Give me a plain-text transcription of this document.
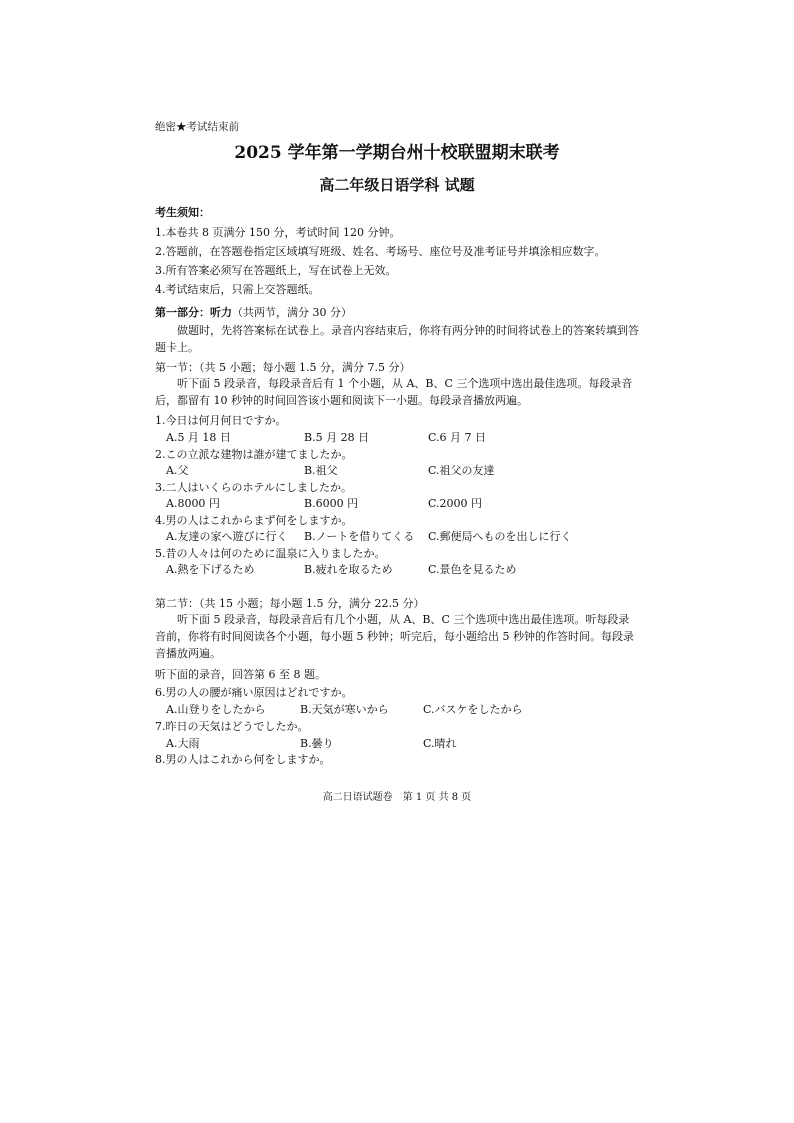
绝密★考试结束前
2025 学年第一学期台州十校联盟期末联考
高二年级日语学科 试题
考生须知：
1.本卷共 8 页满分 150 分，考试时间 120 分钟。
2.答题前，在答题卷指定区域填写班级、姓名、考场号、座位号及准考证号并填涂相应数字。
3.所有答案必须写在答题纸上，写在试卷上无效。
4.考试结束后，只需上交答题纸。
第一部分：听力（共两节，满分 30 分）
做题时，先将答案标在试卷上。录音内容结束后，你将有两分钟的时间将试卷上的答案转填到答题卡上。
第一节：（共 5 小题；每小题 1.5 分，满分 7.5 分）
听下面 5 段录音，每段录音后有 1 个小题，从 A、B、C 三个选项中选出最佳选项。每段录音后，都留有 10 秒钟的时间回答该小题和阅读下一小题。每段录音播放两遍。
1.今日は何月何日ですか。
A.5 月 18 日	B.5 月 28 日	C.6 月 7 日
2.この立派な建物は誰が建てましたか。
A.父	B.祖父	C.祖父の友達
3.二人はいくらのホテルにしましたか。
A.8000 円	B.6000 円	C.2000 円
4.男の人はこれからまず何をしますか。
A.友達の家へ遊びに行く B.ノートを借りてくる C.郵便局へものを出しに行く
5.昔の人々は何のために温泉に入りましたか。
A.熱を下げるため	B.疲れを取るため	C.景色を見るため
第二节：（共 15 小题；每小题 1.5 分，满分 22.5 分）
听下面 5 段录音，每段录音后有几个小题，从 A、B、C 三个选项中选出最佳选项。听每段录音前，你将有时间阅读各个小题，每小题 5 秒钟；听完后，每小题给出 5 秒钟的作答时间。每段录音播放两遍。
听下面的录音，回答第 6 至 8 题。
6.男の人の腰が痛い原因はどれですか。
A.山登りをしたから	B.天気が寒いから	C.バスケをしたから
7.昨日の天気はどうでしたか。
A.大雨	B.曇り	C.晴れ
8.男の人はこれから何をしますか。
高二日语试题卷　第 1 页 共 8 页
